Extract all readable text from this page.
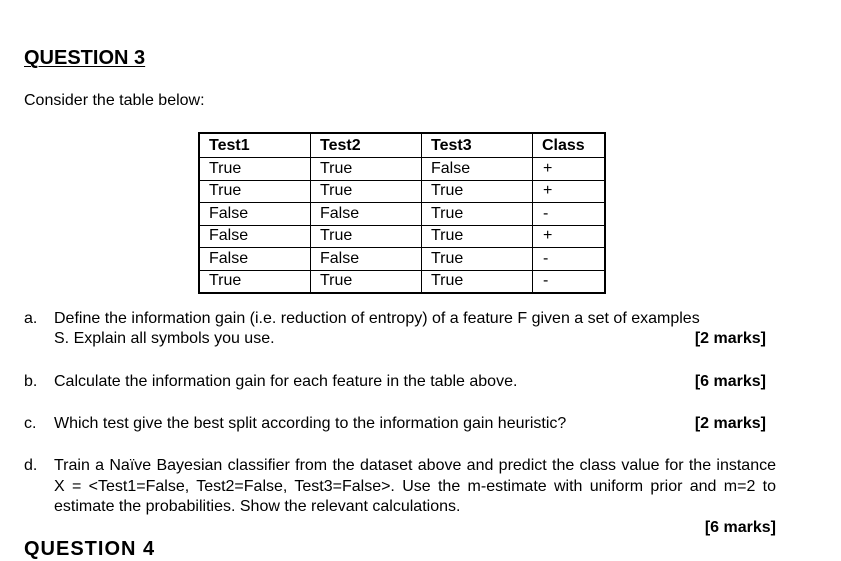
QUESTION 3

Consider the table below:

Test1	Test2	Test3	Class
True	True	False	+
True	True	True	+
False	False	True	-
False	True	True	+
False	False	True	-
True	True	True	-
a. Define the information gain (i.e. reduction of entropy) of a feature F given a set of examples
S. Explain all symbols you use.	[2 marks]
b. Calculate the information gain for each feature in the table above.	[6 marks]
c. Which test give the best split according to the information gain heuristic?	[2 marks]
d. Train a Naïve Bayesian classifier from the dataset above and predict the class value for the instance X = <Test1=False, Test2=False, Test3=False>. Use the m-estimate with uniform prior and m=2 to estimate the probabilities. Show the relevant calculations.
[6 marks]
QUESTION 4
